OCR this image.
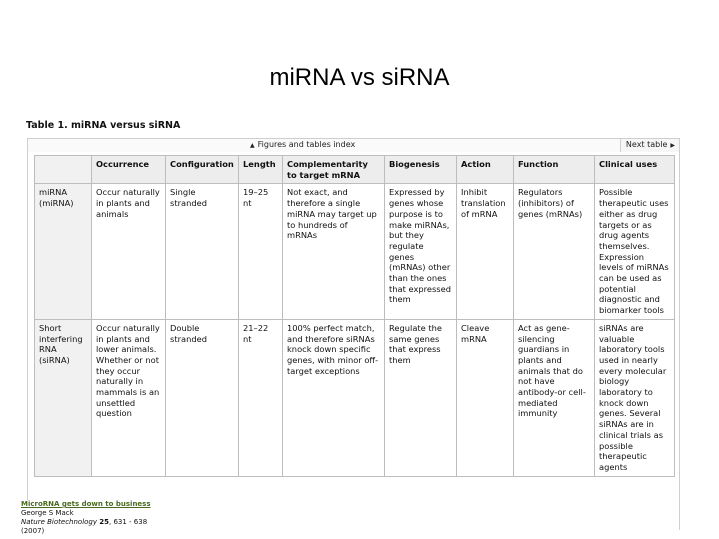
miRNA vs siRNA
Table 1. miRNA versus siRNA
▲ Figures and tables index	Next table ▶
	Occurrence	Configuration	Length	Complementarity to target mRNA	Biogenesis	Action	Function	Clinical uses
miRNA (miRNA)	Occur naturally in plants and animals	Single stranded	19–25 nt	Not exact, and therefore a single miRNA may target up to hundreds of mRNAs	Expressed by genes whose purpose is to make miRNAs, but they regulate genes (mRNAs) other than the ones that expressed them	Inhibit translation of mRNA	Regulators (inhibitors) of genes (mRNAs)	Possible therapeutic uses either as drug targets or as drug agents themselves. Expression levels of miRNAs can be used as potential diagnostic and biomarker tools
Short interfering RNA (siRNA)	Occur naturally in plants and lower animals. Whether or not they occur naturally in mammals is an unsettled question	Double stranded	21–22 nt	100% perfect match, and therefore siRNAs knock down specific genes, with minor off-target exceptions	Regulate the same genes that express them	Cleave mRNA	Act as gene-silencing guardians in plants and animals that do not have antibody-or cell-mediated immunity	siRNAs are valuable laboratory tools used in nearly every molecular biology laboratory to knock down genes. Several siRNAs are in clinical trials as possible therapeutic agents
MicroRNA gets down to business
George S Mack
Nature Biotechnology 25, 631 - 638 (2007)
